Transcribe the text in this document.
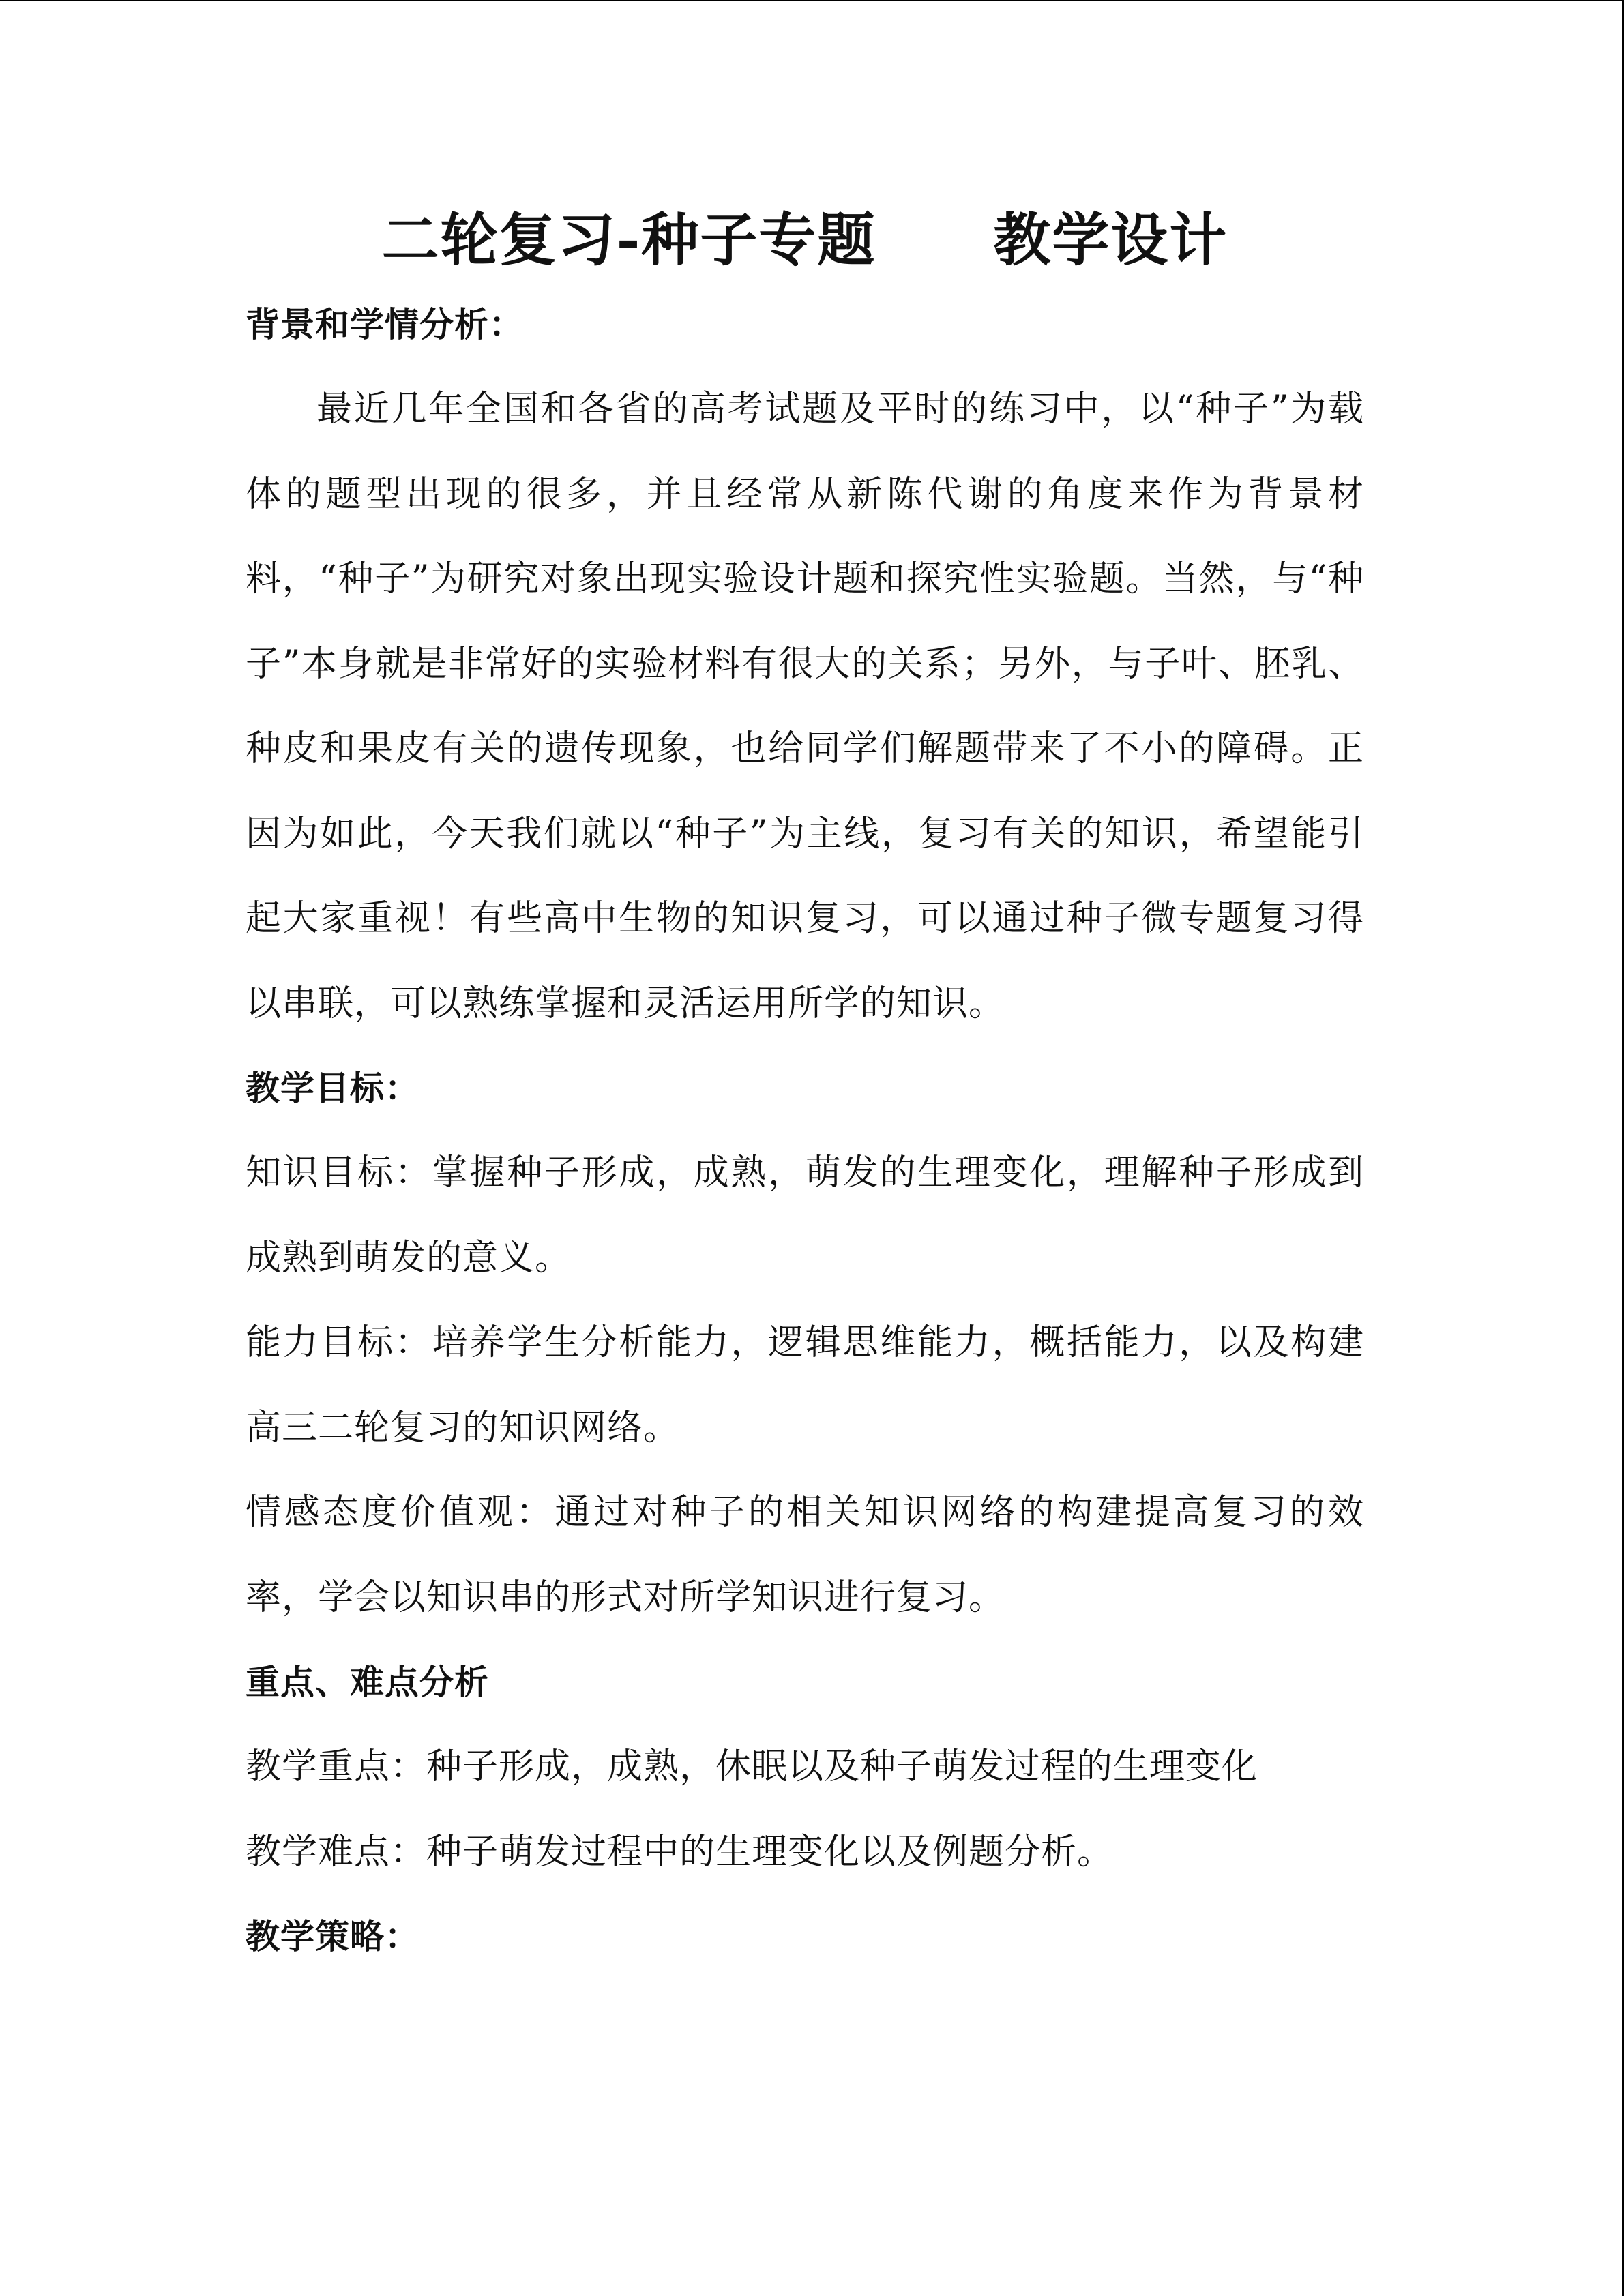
二轮复习-种子专题　　教学设计

背景和学情分析：

最近几年全国和各省的高考试题及平时的练习中，以“种子”为载体的题型出现的很多，并且经常从新陈代谢的角度来作为背景材料，“种子”为研究对象出现实验设计题和探究性实验题。当然，与“种子”本身就是非常好的实验材料有很大的关系；另外，与子叶、胚乳、种皮和果皮有关的遗传现象，也给同学们解题带来了不小的障碍。正因为如此，今天我们就以“种子”为主线，复习有关的知识，希望能引起大家重视！有些高中生物的知识复习，可以通过种子微专题复习得以串联，可以熟练掌握和灵活运用所学的知识。

教学目标：

知识目标：掌握种子形成，成熟，萌发的生理变化，理解种子形成到成熟到萌发的意义。

能力目标：培养学生分析能力，逻辑思维能力，概括能力，以及构建高三二轮复习的知识网络。

情感态度价值观：通过对种子的相关知识网络的构建提高复习的效率，学会以知识串的形式对所学知识进行复习。

重点、难点分析

教学重点：种子形成，成熟，休眠以及种子萌发过程的生理变化

教学难点：种子萌发过程中的生理变化以及例题分析。

教学策略：
